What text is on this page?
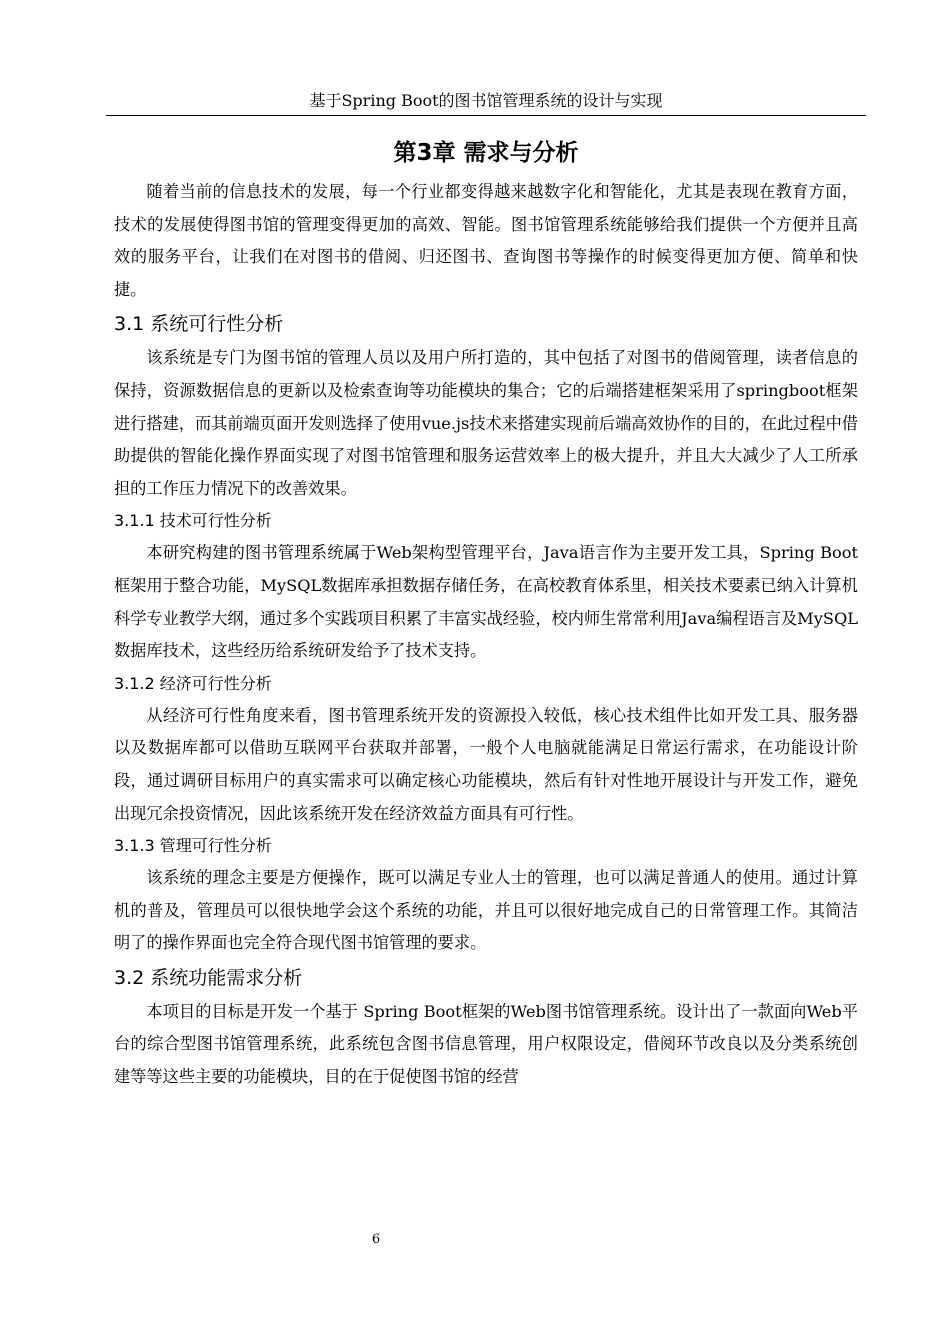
基于Spring Boot的图书馆管理系统的设计与实现
第3章 需求与分析

随着当前的信息技术的发展，每一个行业都变得越来越数字化和智能化，尤其是表现在教育方面，技术的发展使得图书馆的管理变得更加的高效、智能。图书馆管理系统能够给我们提供一个方便并且高效的服务平台，让我们在对图书的借阅、归还图书、查询图书等操作的时候变得更加方便、简单和快捷。

3.1 系统可行性分析

该系统是专门为图书馆的管理人员以及用户所打造的，其中包括了对图书的借阅管理，读者信息的保持，资源数据信息的更新以及检索查询等功能模块的集合；它的后端搭建框架采用了springboot框架进行搭建，而其前端页面开发则选择了使用vue.js技术来搭建实现前后端高效协作的目的，在此过程中借助提供的智能化操作界面实现了对图书馆管理和服务运营效率上的极大提升，并且大大减少了人工所承担的工作压力情况下的改善效果。

3.1.1 技术可行性分析

本研究构建的图书管理系统属于Web架构型管理平台，Java语言作为主要开发工具，Spring Boot框架用于整合功能，MySQL数据库承担数据存储任务，在高校教育体系里，相关技术要素已纳入计算机科学专业教学大纲，通过多个实践项目积累了丰富实战经验，校内师生常常利用Java编程语言及MySQL数据库技术，这些经历给系统研发给予了技术支持。

3.1.2 经济可行性分析

从经济可行性角度来看，图书管理系统开发的资源投入较低，核心技术组件比如开发工具、服务器以及数据库都可以借助互联网平台获取并部署，一般个人电脑就能满足日常运行需求，在功能设计阶段，通过调研目标用户的真实需求可以确定核心功能模块，然后有针对性地开展设计与开发工作，避免出现冗余投资情况，因此该系统开发在经济效益方面具有可行性。

3.1.3 管理可行性分析

该系统的理念主要是方便操作，既可以满足专业人士的管理，也可以满足普通人的使用。通过计算机的普及，管理员可以很快地学会这个系统的功能，并且可以很好地完成自己的日常管理工作。其简洁明了的操作界面也完全符合现代图书馆管理的要求。

3.2 系统功能需求分析

本项目的目标是开发一个基于 Spring Boot框架的Web图书馆管理系统。设计出了一款面向Web平台的综合型图书馆管理系统，此系统包含图书信息管理，用户权限设定，借阅环节改良以及分类系统创建等等这些主要的功能模块，目的在于促使图书馆的经营

6
